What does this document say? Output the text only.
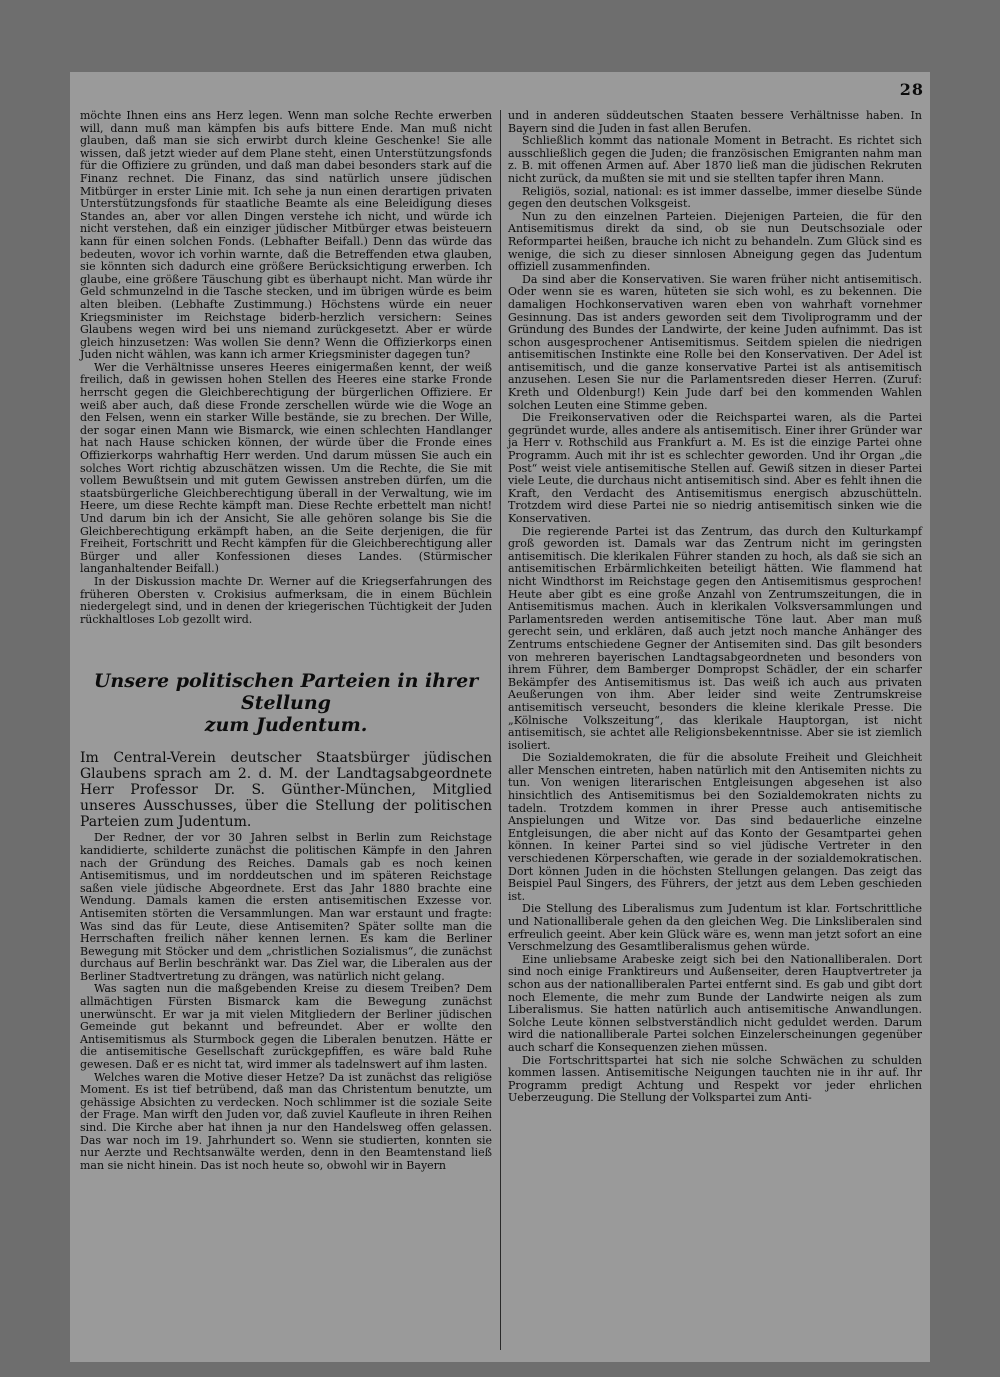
28

möchte Ihnen eins ans Herz legen. Wenn man solche Rechte erwerben will, dann muß man kämpfen bis aufs bittere Ende. Man muß nicht glauben, daß man sie sich erwirbt durch kleine Geschenke! Sie alle wissen, daß jetzt wieder auf dem Plane steht, einen Unterstützungsfonds für die Offiziere zu gründen, und daß man dabei besonders stark auf die Finanz rechnet. Die Finanz, das sind natürlich unsere jüdischen Mitbürger in erster Linie mit. Ich sehe ja nun einen derartigen privaten Unterstützungsfonds für staatliche Beamte als eine Beleidigung dieses Standes an, aber vor allen Dingen verstehe ich nicht, und würde ich nicht verstehen, daß ein einziger jüdischer Mitbürger etwas beisteuern kann für einen solchen Fonds. (Lebhafter Beifall.) Denn das würde das bedeuten, wovor ich vorhin warnte, daß die Betreffenden etwa glauben, sie könnten sich dadurch eine größere Berücksichtigung erwerben. Ich glaube, eine größere Täuschung gibt es überhaupt nicht. Man würde ihr Geld schmunzelnd in die Tasche stecken, und im übrigen würde es beim alten bleiben. (Lebhafte Zustimmung.) Höchstens würde ein neuer Kriegsminister im Reichstage biderb-herzlich versichern: Seines Glaubens wegen wird bei uns niemand zurückgesetzt. Aber er würde gleich hinzusetzen: Was wollen Sie denn? Wenn die Offizierkorps einen Juden nicht wählen, was kann ich armer Kriegsminister dagegen tun?

Wer die Verhältnisse unseres Heeres einigermaßen kennt, der weiß freilich, daß in gewissen hohen Stellen des Heeres eine starke Fronde herrscht gegen die Gleichberechtigung der bürgerlichen Offiziere. Er weiß aber auch, daß diese Fronde zerschellen würde wie die Woge an den Felsen, wenn ein starker Wille bestände, sie zu brechen. Der Wille, der sogar einen Mann wie Bismarck, wie einen schlechten Handlanger hat nach Hause schicken können, der würde über die Fronde eines Offizierkorps wahrhaftig Herr werden. Und darum müssen Sie auch ein solches Wort richtig abzuschätzen wissen. Um die Rechte, die Sie mit vollem Bewußtsein und mit gutem Gewissen anstreben dürfen, um die staatsbürgerliche Gleichberechtigung überall in der Verwaltung, wie im Heere, um diese Rechte kämpft man. Diese Rechte erbettelt man nicht! Und darum bin ich der Ansicht, Sie alle gehören solange bis Sie die Gleichberechtigung erkämpft haben, an die Seite derjenigen, die für Freiheit, Fortschritt und Recht kämpfen für die Gleichberechtigung aller Bürger und aller Konfessionen dieses Landes. (Stürmischer langanhaltender Beifall.)

In der Diskussion machte Dr. Werner auf die Kriegserfahrungen des früheren Obersten v. Crokisius aufmerksam, die in einem Büchlein niedergelegt sind, und in denen der kriegerischen Tüchtigkeit der Juden rückhaltloses Lob gezollt wird.

Unsere politischen Parteien in ihrer Stellung
zum Judentum.

Im Central-Verein deutscher Staatsbürger jüdischen Glaubens sprach am 2. d. M. der Landtagsabgeordnete Herr Professor Dr. S. Günther-München, Mitglied unseres Ausschusses, über die Stellung der politischen Parteien zum Judentum.

Der Redner, der vor 30 Jahren selbst in Berlin zum Reichstage kandidierte, schilderte zunächst die politischen Kämpfe in den Jahren nach der Gründung des Reiches. Damals gab es noch keinen Antisemitismus, und im norddeutschen und im späteren Reichstage saßen viele jüdische Abgeordnete. Erst das Jahr 1880 brachte eine Wendung. Damals kamen die ersten antisemitischen Exzesse vor. Antisemiten störten die Versammlungen. Man war erstaunt und fragte: Was sind das für Leute, diese Antisemiten? Später sollte man die Herrschaften freilich näher kennen lernen. Es kam die Berliner Bewegung mit Stöcker und dem „christlichen Sozialismus“, die zunächst durchaus auf Berlin beschränkt war. Das Ziel war, die Liberalen aus der Berliner Stadtvertretung zu drängen, was natürlich nicht gelang.

Was sagten nun die maßgebenden Kreise zu diesem Treiben? Dem allmächtigen Fürsten Bismarck kam die Bewegung zunächst unerwünscht. Er war ja mit vielen Mitgliedern der Berliner jüdischen Gemeinde gut bekannt und befreundet. Aber er wollte den Antisemitismus als Sturmbock gegen die Liberalen benutzen. Hätte er die antisemitische Gesellschaft zurückgepfiffen, es wäre bald Ruhe gewesen. Daß er es nicht tat, wird immer als tadelnswert auf ihm lasten.

Welches waren die Motive dieser Hetze? Da ist zunächst das religiöse Moment. Es ist tief betrübend, daß man das Christentum benutzte, um gehässige Absichten zu verdecken. Noch schlimmer ist die soziale Seite der Frage. Man wirft den Juden vor, daß zuviel Kaufleute in ihren Reihen sind. Die Kirche aber hat ihnen ja nur den Handelsweg offen gelassen. Das war noch im 19. Jahrhundert so. Wenn sie studierten, konnten sie nur Aerzte und Rechtsanwälte werden, denn in den Beamtenstand ließ man sie nicht hinein. Das ist noch heute so, obwohl wir in Bayern

und in anderen süddeutschen Staaten bessere Verhältnisse haben. In Bayern sind die Juden in fast allen Berufen.

Schließlich kommt das nationale Moment in Betracht. Es richtet sich ausschließlich gegen die Juden; die französischen Emigranten nahm man z. B. mit offenen Armen auf. Aber 1870 ließ man die jüdischen Rekruten nicht zurück, da mußten sie mit und sie stellten tapfer ihren Mann.

Religiös, sozial, national: es ist immer dasselbe, immer dieselbe Sünde gegen den deutschen Volksgeist.

Nun zu den einzelnen Parteien. Diejenigen Parteien, die für den Antisemitismus direkt da sind, ob sie nun Deutschsoziale oder Reformpartei heißen, brauche ich nicht zu behandeln. Zum Glück sind es wenige, die sich zu dieser sinnlosen Abneigung gegen das Judentum offiziell zusammenfinden.

Da sind aber die Konservativen. Sie waren früher nicht antisemitisch. Oder wenn sie es waren, hüteten sie sich wohl, es zu bekennen. Die damaligen Hochkonservativen waren eben von wahrhaft vornehmer Gesinnung. Das ist anders geworden seit dem Tivoliprogramm und der Gründung des Bundes der Landwirte, der keine Juden aufnimmt. Das ist schon ausgesprochener Antisemitismus. Seitdem spielen die niedrigen antisemitischen Instinkte eine Rolle bei den Konservativen. Der Adel ist antisemitisch, und die ganze konservative Partei ist als antisemitisch anzusehen. Lesen Sie nur die Parlamentsreden dieser Herren. (Zuruf: Kreth und Oldenburg!) Kein Jude darf bei den kommenden Wahlen solchen Leuten eine Stimme geben.

Die Freikonservativen oder die Reichspartei waren, als die Partei gegründet wurde, alles andere als antisemitisch. Einer ihrer Gründer war ja Herr v. Rothschild aus Frankfurt a. M. Es ist die einzige Partei ohne Programm. Auch mit ihr ist es schlechter geworden. Und ihr Organ „die Post“ weist viele antisemitische Stellen auf. Gewiß sitzen in dieser Partei viele Leute, die durchaus nicht antisemitisch sind. Aber es fehlt ihnen die Kraft, den Verdacht des Antisemitismus energisch abzuschütteln. Trotzdem wird diese Partei nie so niedrig antisemitisch sinken wie die Konservativen.

Die regierende Partei ist das Zentrum, das durch den Kulturkampf groß geworden ist. Damals war das Zentrum nicht im geringsten antisemitisch. Die klerikalen Führer standen zu hoch, als daß sie sich an antisemitischen Erbärmlichkeiten beteiligt hätten. Wie flammend hat nicht Windthorst im Reichstage gegen den Antisemitismus gesprochen! Heute aber gibt es eine große Anzahl von Zentrumszeitungen, die in Antisemitismus machen. Auch in klerikalen Volksversammlungen und Parlamentsreden werden antisemitische Töne laut. Aber man muß gerecht sein, und erklären, daß auch jetzt noch manche Anhänger des Zentrums entschiedene Gegner der Antisemiten sind. Das gilt besonders von mehreren bayerischen Landtagsabgeordneten und besonders von ihrem Führer, dem Bamberger Dompropst Schädler, der ein scharfer Bekämpfer des Antisemitismus ist. Das weiß ich auch aus privaten Aeußerungen von ihm. Aber leider sind weite Zentrumskreise antisemitisch verseucht, besonders die kleine klerikale Presse. Die „Kölnische Volkszeitung“, das klerikale Hauptorgan, ist nicht antisemitisch, sie achtet alle Religionsbekenntnisse. Aber sie ist ziemlich isoliert.

Die Sozialdemokraten, die für die absolute Freiheit und Gleichheit aller Menschen eintreten, haben natürlich mit den Antisemiten nichts zu tun. Von wenigen literarischen Entgleisungen abgesehen ist also hinsichtlich des Antisemitismus bei den Sozialdemokraten nichts zu tadeln. Trotzdem kommen in ihrer Presse auch antisemitische Anspielungen und Witze vor. Das sind bedauerliche einzelne Entgleisungen, die aber nicht auf das Konto der Gesamtpartei gehen können. In keiner Partei sind so viel jüdische Vertreter in den verschiedenen Körperschaften, wie gerade in der sozialdemokratischen. Dort können Juden in die höchsten Stellungen gelangen. Das zeigt das Beispiel Paul Singers, des Führers, der jetzt aus dem Leben geschieden ist.

Die Stellung des Liberalismus zum Judentum ist klar. Fortschrittliche und Nationalliberale gehen da den gleichen Weg. Die Linksliberalen sind erfreulich geeint. Aber kein Glück wäre es, wenn man jetzt sofort an eine Verschmelzung des Gesamtliberalismus gehen würde.

Eine unliebsame Arabeske zeigt sich bei den Nationalliberalen. Dort sind noch einige Franktireurs und Außenseiter, deren Hauptvertreter ja schon aus der nationalliberalen Partei entfernt sind. Es gab und gibt dort noch Elemente, die mehr zum Bunde der Landwirte neigen als zum Liberalismus. Sie hatten natürlich auch antisemitische Anwandlungen. Solche Leute können selbstverständlich nicht geduldet werden. Darum wird die nationalliberale Partei solchen Einzelerscheinungen gegenüber auch scharf die Konsequenzen ziehen müssen.

Die Fortschrittspartei hat sich nie solche Schwächen zu schulden kommen lassen. Antisemitische Neigungen tauchten nie in ihr auf. Ihr Programm predigt Achtung und Respekt vor jeder ehrlichen Ueberzeugung. Die Stellung der Volkspartei zum Anti-
